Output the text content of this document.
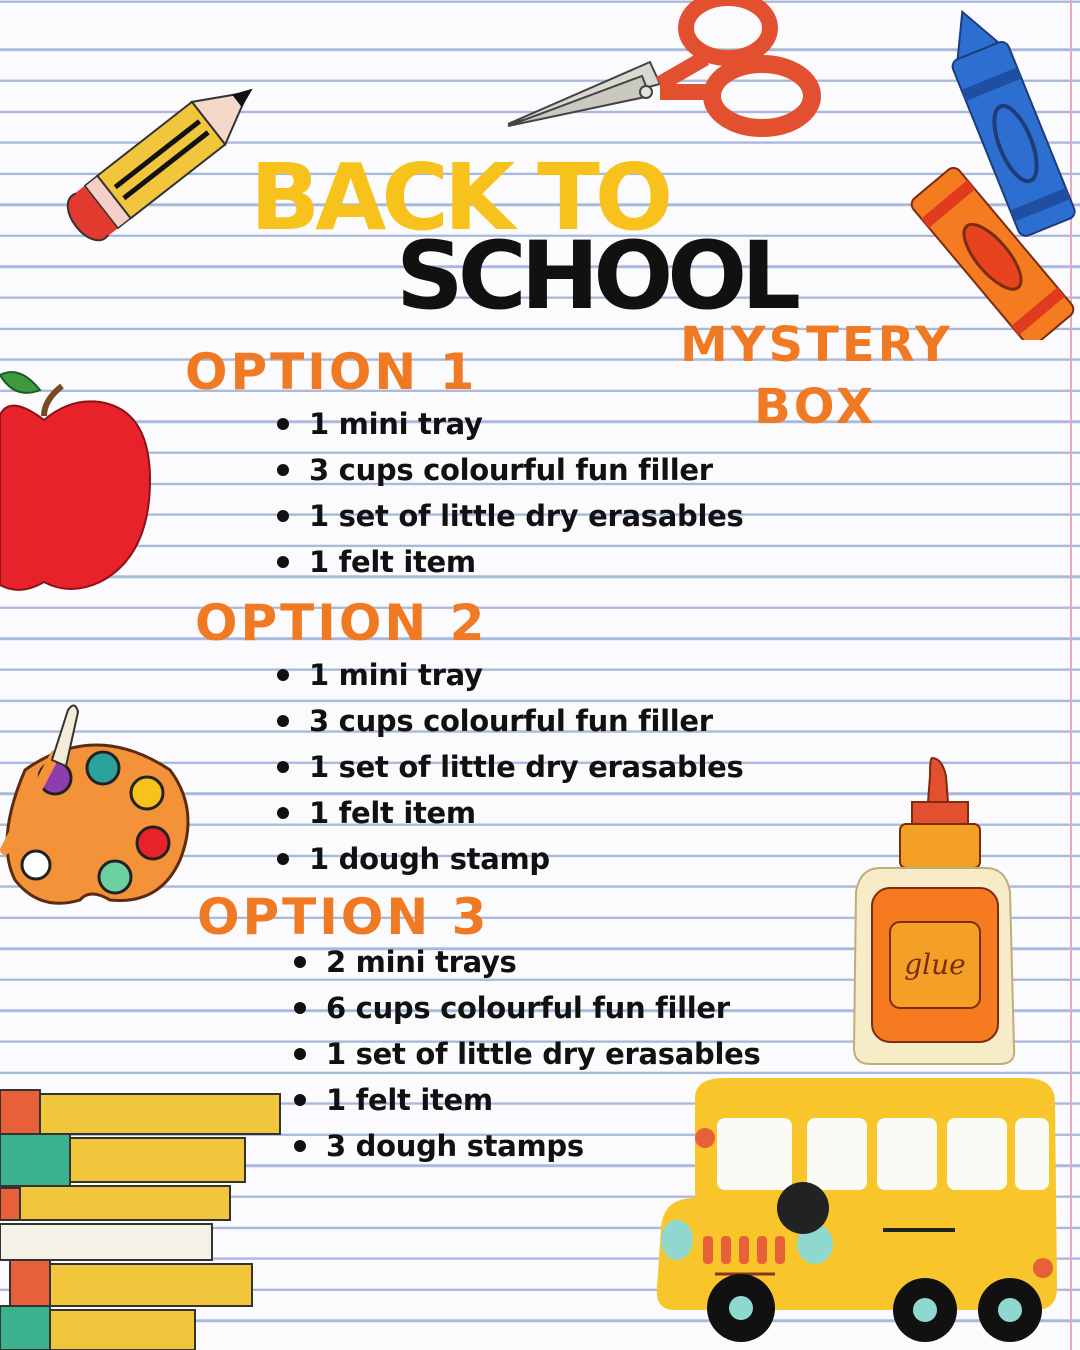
glue
BACK TO
SCHOOL
MYSTERY
BOX
OPTION 1
1 mini tray
3 cups colourful fun filler
1 set of little dry erasables
1 felt item
OPTION 2
1 mini tray
3 cups colourful fun filler
1 set of little dry erasables
1 felt item
1 dough stamp
OPTION 3
2 mini trays
6 cups colourful fun filler
1 set of little dry erasables
1 felt item
3 dough stamps
